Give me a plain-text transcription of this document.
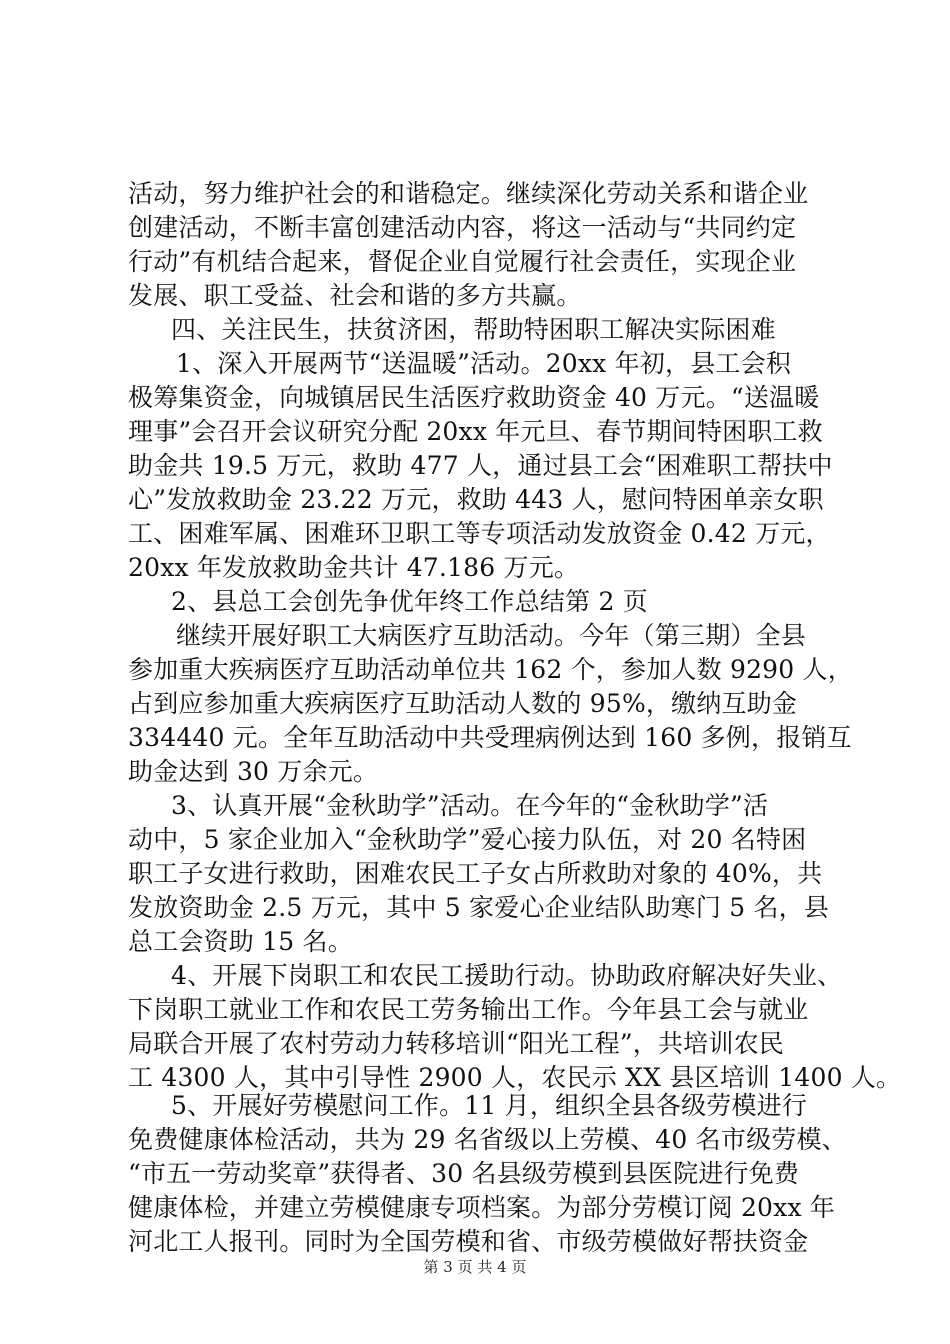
活动，努力维护社会的和谐稳定。继续深化劳动关系和谐企业
创建活动，不断丰富创建活动内容，将这一活动与“共同约定
行动”有机结合起来，督促企业自觉履行社会责任，实现企业
发展、职工受益、社会和谐的多方共赢。
四、关注民生，扶贫济困，帮助特困职工解决实际困难
1、深入开展两节“送温暖”活动。20xx 年初，县工会积
极筹集资金，向城镇居民生活医疗救助资金 40 万元。“送温暖
理事”会召开会议研究分配 20xx 年元旦、春节期间特困职工救
助金共 19.5 万元，救助 477 人，通过县工会“困难职工帮扶中
心”发放救助金 23.22 万元，救助 443 人，慰问特困单亲女职
工、困难军属、困难环卫职工等专项活动发放资金 0.42 万元，
20xx 年发放救助金共计 47.186 万元。
2、县总工会创先争优年终工作总结第 2 页
继续开展好职工大病医疗互助活动。今年（第三期）全县
参加重大疾病医疗互助活动单位共 162 个，参加人数 9290 人，
占到应参加重大疾病医疗互助活动人数的 95%，缴纳互助金
334440 元。全年互助活动中共受理病例达到 160 多例，报销互
助金达到 30 万余元。
3、认真开展“金秋助学”活动。在今年的“金秋助学”活
动中，5 家企业加入“金秋助学”爱心接力队伍，对 20 名特困
职工子女进行救助，困难农民工子女占所救助对象的 40%，共
发放资助金 2.5 万元，其中 5 家爱心企业结队助寒门 5 名，县
总工会资助 15 名。
4、开展下岗职工和农民工援助行动。协助政府解决好失业、
下岗职工就业工作和农民工劳务输出工作。今年县工会与就业
局联合开展了农村劳动力转移培训“阳光工程”，共培训农民
工 4300 人，其中引导性 2900 人，农民示 XX 县区培训 1400 人。
5、开展好劳模慰问工作。11 月，组织全县各级劳模进行
免费健康体检活动，共为 29 名省级以上劳模、40 名市级劳模、
“市五一劳动奖章”获得者、30 名县级劳模到县医院进行免费
健康体检，并建立劳模健康专项档案。为部分劳模订阅 20xx 年
河北工人报刊。同时为全国劳模和省、市级劳模做好帮扶资金
第 3 页 共 4 页
